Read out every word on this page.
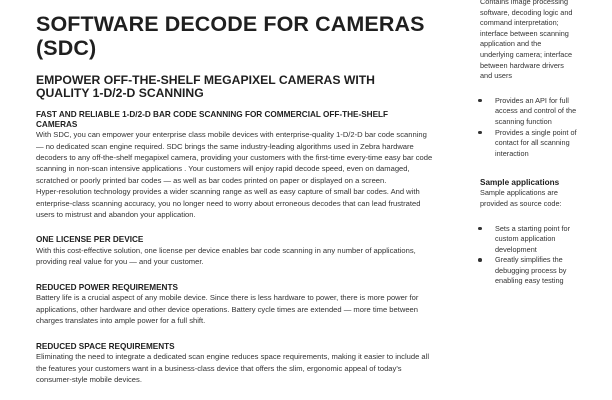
SOFTWARE DECODE FOR CAMERAS
(SDC)
EMPOWER OFF-THE-SHELF MEGAPIXEL CAMERAS WITH
QUALITY 1-D/2-D SCANNING
FAST AND RELIABLE 1-D/2-D BAR CODE SCANNING FOR COMMERCIAL OFF-THE-SHELF
CAMERAS

With SDC, you can empower your enterprise class mobile devices with enterprise-quality 1-D/2-D bar code scanning
— no dedicated scan engine required. SDC brings the same industry-leading algorithms used in Zebra hardware
decoders to any off-the-shelf megapixel camera, providing your customers with the first-time every-time easy bar code
scanning in non-scan intensive applications . Your customers will enjoy rapid decode speed, even on damaged,
scratched or poorly printed bar codes — as well as bar codes printed on paper or displayed on a screen.
Hyper-resolution technology provides a wider scanning range as well as easy capture of small bar codes. And with
enterprise-class scanning accuracy, you no longer need to worry about erroneous decodes that can lead frustrated
users to mistrust and abandon your application.

ONE LICENSE PER DEVICE

With this cost-effective solution, one license per device enables bar code scanning in any number of applications,
providing real value for you — and your customer.

REDUCED POWER REQUIREMENTS

Battery life is a crucial aspect of any mobile device. Since there is less hardware to power, there is more power for
applications, other hardware and other device operations. Battery cycle times are extended — more time between
charges translates into ample power for a full shift.

REDUCED SPACE REQUIREMENTS

Eliminating the need to integrate a dedicated scan engine reduces space requirements, making it easier to include all
the features your customers want in a business-class device that offers the slim, ergonomic appeal of today's
consumer-style mobile devices.

Contains image processing
software, decoding logic and
command interpretation;
interface between scanning
application and the
underlying camera; interface
between hardware drivers
and users

Provides an API for full
access and control of the
scanning function
Provides a single point of
contact for all scanning
interaction

Sample applications

Sample applications are
provided as source code:

Sets a starting point for
custom application
development
Greatly simplifies the
debugging process by
enabling easy testing
